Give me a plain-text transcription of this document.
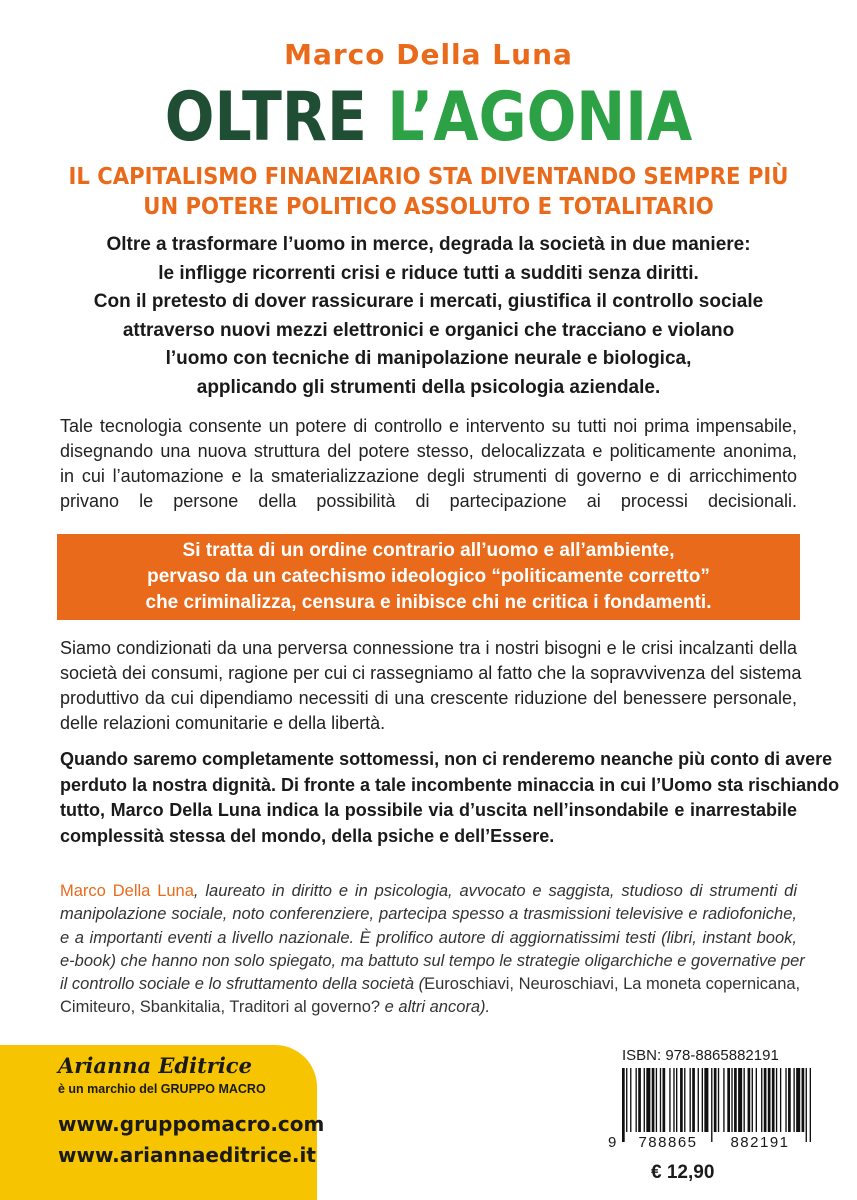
Marco Della Luna
OLTRE L’AGONIA
IL CAPITALISMO FINANZIARIO STA DIVENTANDO SEMPRE PIÙ
UN POTERE POLITICO ASSOLUTO E TOTALITARIO
Oltre a trasformare l’uomo in merce, degrada la società in due maniere:
le infligge ricorrenti crisi e riduce tutti a sudditi senza diritti.
Con il pretesto di dover rassicurare i mercati, giustifica il controllo sociale
attraverso nuovi mezzi elettronici e organici che tracciano e violano
l’uomo con tecniche di manipolazione neurale e biologica,
applicando gli strumenti della psicologia aziendale.
Tale tecnologia consente un potere di controllo e intervento su tutti noi prima impensabile,
disegnando una nuova struttura del potere stesso, delocalizzata e politicamente anonima,
in cui l’automazione e la smaterializzazione degli strumenti di governo e di arricchimento
privano le persone della possibilità di partecipazione ai processi decisionali.
Si tratta di un ordine contrario all’uomo e all’ambiente,
pervaso da un catechismo ideologico “politicamente corretto”
che criminalizza, censura e inibisce chi ne critica i fondamenti.
Siamo condizionati da una perversa connessione tra i nostri bisogni e le crisi incalzanti della
società dei consumi, ragione per cui ci rassegniamo al fatto che la sopravvivenza del sistema
produttivo da cui dipendiamo necessiti di una crescente riduzione del benessere personale,
delle relazioni comunitarie e della libertà.
Quando saremo completamente sottomessi, non ci renderemo neanche più conto di avere
perduto la nostra dignità. Di fronte a tale incombente minaccia in cui l’Uomo sta rischiando
tutto, Marco Della Luna indica la possibile via d’uscita nell’insondabile e inarrestabile
complessità stessa del mondo, della psiche e dell’Essere.
Marco Della Luna, laureato in diritto e in psicologia, avvocato e saggista, studioso di strumenti di
manipolazione sociale, noto conferenziere, partecipa spesso a trasmissioni televisive e radiofoniche,
e a importanti eventi a livello nazionale. È prolifico autore di aggiornatissimi testi (libri, instant book,
e-book) che hanno non solo spiegato, ma battuto sul tempo le strategie oligarchiche e governative per
il controllo sociale e lo sfruttamento della società (Euroschiavi, Neuroschiavi, La moneta copernicana,
Cimiteuro, Sbankitalia, Traditori al governo? e altri ancora).
Arianna Editrice
è un marchio del GRUPPO MACRO
www.gruppomacro.com
www.ariannaeditrice.it
ISBN: 978-8865882191
9 788865 882191
€ 12,90
